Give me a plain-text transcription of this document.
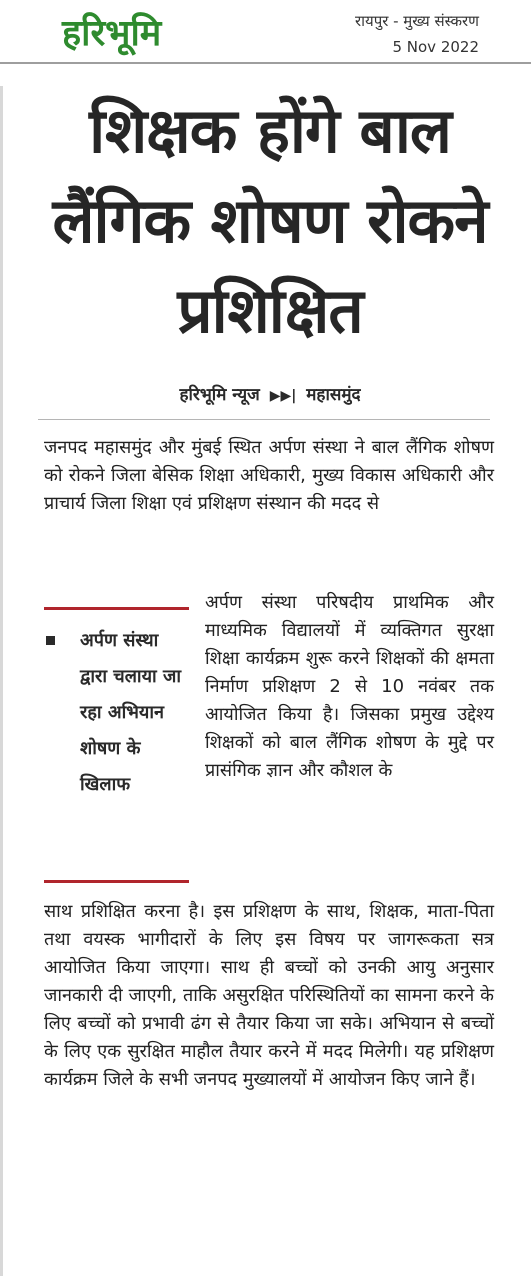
हरिभूमि	रायपुर - मुख्य संस्करण
5 Nov 2022
शिक्षक होंगे बाल लैंगिक शोषण रोकने प्रशिक्षित
हरिभूमि न्यूज ▶▶| महासमुंद

जनपद महासमुंद और मुंबई स्थित अर्पण संस्था ने बाल लैंगिक शोषण को रोकने जिला बेसिक शिक्षा अधिकारी, मुख्य विकास अधिकारी और प्राचार्य जिला शिक्षा एवं प्रशिक्षण संस्थान की मदद से

अर्पण संस्था द्वारा चलाया जा रहा अभियान शोषण के खिलाफ

अर्पण संस्था परिषदीय प्राथमिक और माध्यमिक विद्यालयों में व्यक्तिगत सुरक्षा शिक्षा कार्यक्रम शुरू करने शिक्षकों की क्षमता निर्माण प्रशिक्षण 2 से 10 नवंबर तक आयोजित किया है। जिसका प्रमुख उद्देश्य शिक्षकों को बाल लैंगिक शोषण के मुद्दे पर प्रासंगिक ज्ञान और कौशल के

साथ प्रशिक्षित करना है। इस प्रशिक्षण के साथ, शिक्षक, माता-पिता तथा वयस्क भागीदारों के लिए इस विषय पर जागरूकता सत्र आयोजित किया जाएगा। साथ ही बच्चों को उनकी आयु अनुसार जानकारी दी जाएगी, ताकि असुरक्षित परिस्थितियों का सामना करने के लिए बच्चों को प्रभावी ढंग से तैयार किया जा सके। अभियान से बच्चों के लिए एक सुरक्षित माहौल तैयार करने में मदद मिलेगी। यह प्रशिक्षण कार्यक्रम जिले के सभी जनपद मुख्यालयों में आयोजन किए जाने हैं।
